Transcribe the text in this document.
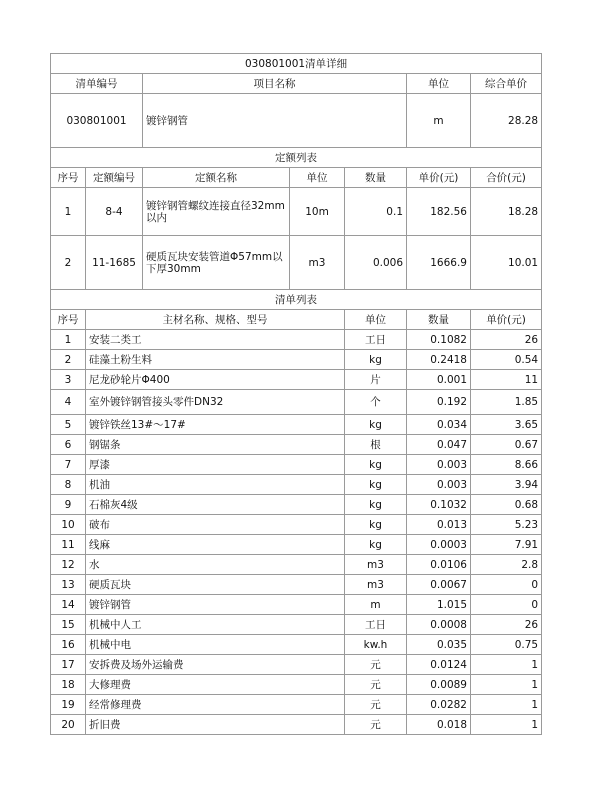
030801001清单详细							
清单编号		项目名称			单位	综合单价	
030801001		镀锌钢管			m	28.28	
定额列表							
序号	定额编号	定额名称	单位	数量	单价(元)	合价(元)	
1	8-4	镀锌钢管螺纹连接直径32mm以内	10m	0.1	182.56	18.28	
2	11-1685	硬质瓦块安装管道Φ57mm以下厚30mm	m3	0.006	1666.9	10.01	
清单列表							
序号	主材名称、规格、型号			单位	数量	单价(元)	
1	安装二类工			工日	0.1082	26	
2	硅藻土粉生料			kg	0.2418	0.54	
3	尼龙砂轮片Φ400			片	0.001	11	
4	室外镀锌钢管接头零件DN32			个	0.192	1.85	
5	镀锌铁丝13#～17#			kg	0.034	3.65	
6	钢锯条			根	0.047	0.67	
7	厚漆			kg	0.003	8.66	
8	机油			kg	0.003	3.94	
9	石棉灰4级			kg	0.1032	0.68	
10	破布			kg	0.013	5.23	
11	线麻			kg	0.0003	7.91	
12	水			m3	0.0106	2.8	
13	硬质瓦块			m3	0.0067	0	
14	镀锌钢管			m	1.015	0	
15	机械中人工			工日	0.0008	26	
16	机械中电			kw.h	0.035	0.75	
17	安拆费及场外运输费			元	0.0124	1	
18	大修理费			元	0.0089	1	
19	经常修理费			元	0.0282	1	
20	折旧费			元	0.018	1	
